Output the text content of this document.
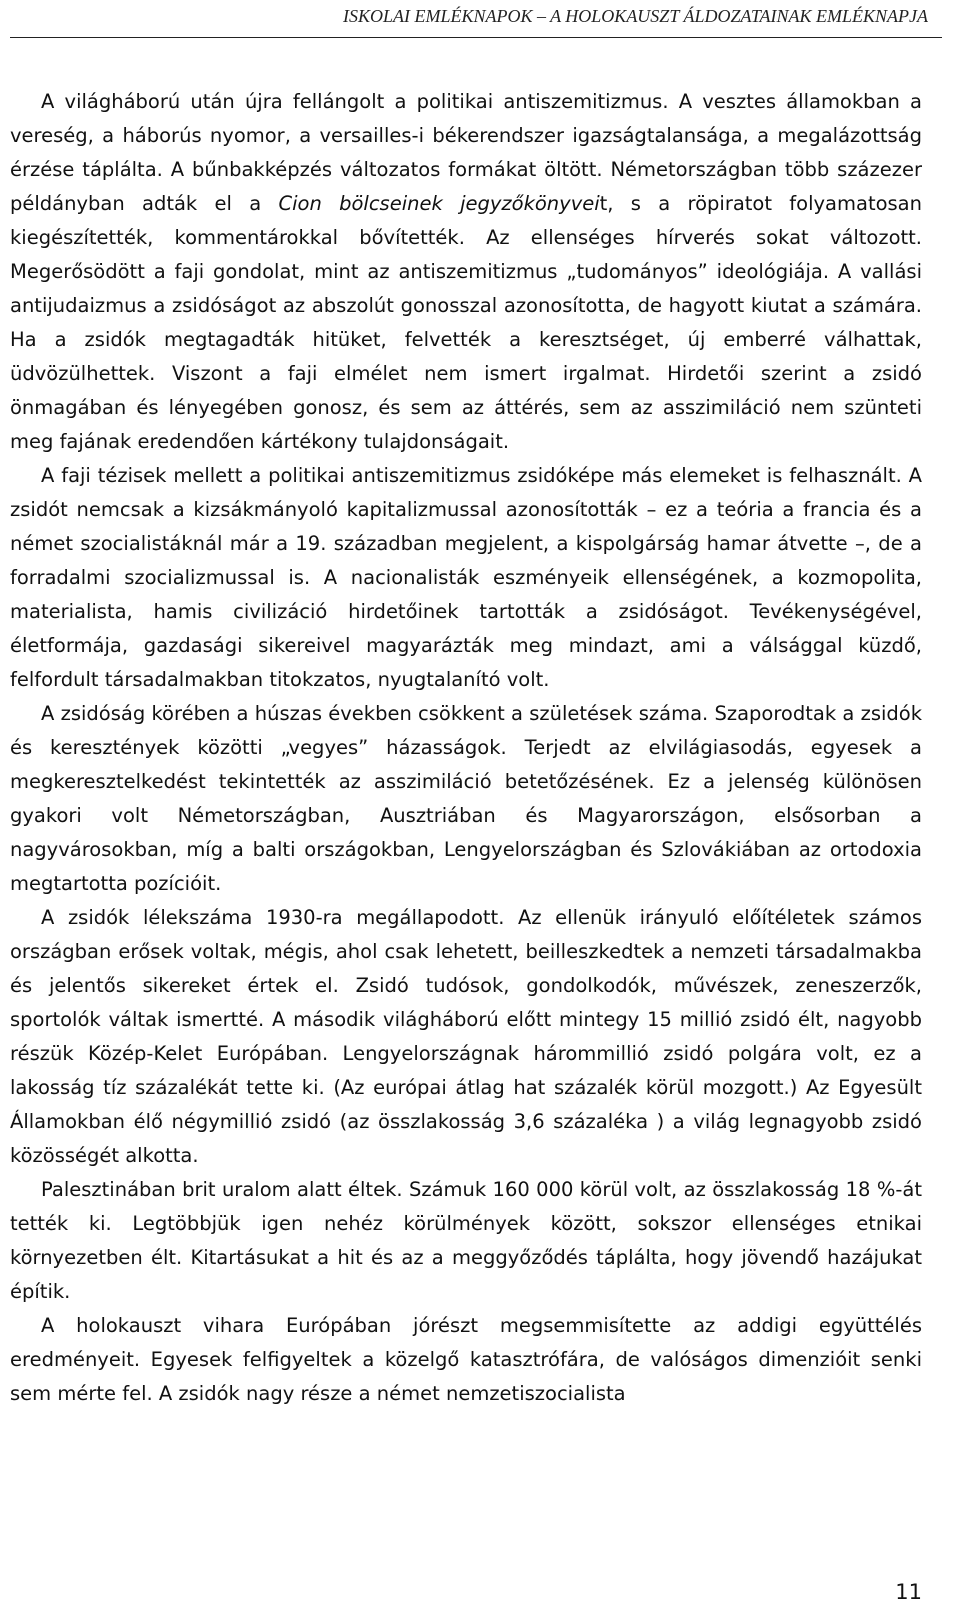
ISKOLAI EMLÉKNAPOK – A HOLOKAUSZT ÁLDOZATAINAK EMLÉKNAPJA

A világháború után újra fellángolt a politikai antiszemitizmus. A vesztes államokban a vereség, a háborús nyomor, a versailles-i békerendszer igazságtalansága, a megalázottság érzése táplálta. A bűnbakképzés változatos formákat öltött. Németországban több százezer példányban adták el a Cion bölcseinek jegyzőkönyveit, s a röpiratot folyamatosan kiegészítették, kommentárokkal bővítették. Az ellenséges hírverés sokat változott. Megerősödött a faji gondolat, mint az antiszemitizmus „tudományos” ideológiája. A vallási antijudaizmus a zsidóságot az abszolút gonosszal azonosította, de hagyott kiutat a számára. Ha a zsidók megtagadták hitüket, felvették a keresztséget, új emberré válhattak, üdvözülhettek. Viszont a faji elmélet nem ismert irgalmat. Hirdetői szerint a zsidó önmagában és lényegében gonosz, és sem az áttérés, sem az asszimiláció nem szünteti meg fajának eredendően kártékony tulajdonságait.

A faji tézisek mellett a politikai antiszemitizmus zsidóképe más elemeket is felhasznált. A zsidót nemcsak a kizsákmányoló kapitalizmussal azonosították – ez a teória a francia és a német szocialistáknál már a 19. században megjelent, a kispolgárság hamar átvette –, de a forradalmi szocializmussal is. A nacionalisták eszményeik ellenségének, a kozmopolita, materialista, hamis civilizáció hirdetőinek tartották a zsidóságot. Tevékenységével, életformája, gazdasági sikereivel magyarázták meg mindazt, ami a válsággal küzdő, felfordult társadalmakban titokzatos, nyugtalanító volt.

A zsidóság körében a húszas években csökkent a születések száma. Szaporodtak a zsidók és keresztények közötti „vegyes” házasságok. Terjedt az elvilágiasodás, egyesek a megkeresztelkedést tekintették az asszimiláció betetőzésének. Ez a jelenség különösen gyakori volt Németországban, Ausztriában és Magyarországon, elsősorban a nagyvárosokban, míg a balti országokban, Lengyelországban és Szlovákiában az ortodoxia megtartotta pozícióit.

A zsidók lélekszáma 1930-ra megállapodott. Az ellenük irányuló előítéletek számos országban erősek voltak, mégis, ahol csak lehetett, beilleszkedtek a nemzeti társadalmakba és jelentős sikereket értek el. Zsidó tudósok, gondolkodók, művészek, zeneszerzők, sportolók váltak ismertté. A második világháború előtt mintegy 15 millió zsidó élt, nagyobb részük Közép-Kelet Európában. Lengyelországnak hárommillió zsidó polgára volt, ez a lakosság tíz százalékát tette ki. (Az európai átlag hat százalék körül mozgott.) Az Egyesült Államokban élő négymillió zsidó (az összlakosság 3,6 százaléka ) a világ legnagyobb zsidó közösségét alkotta.

Palesztinában brit uralom alatt éltek. Számuk 160 000 körül volt, az összlakosság 18 %-át tették ki. Legtöbbjük igen nehéz körülmények között, sokszor ellenséges etnikai környezetben élt. Kitartásukat a hit és az a meggyőződés táplálta, hogy jövendő hazájukat építik.

A holokauszt vihara Európában jórészt megsemmisítette az addigi együttélés eredményeit. Egyesek felfigyeltek a közelgő katasztrófára, de valóságos dimenzióit senki sem mérte fel. A zsidók nagy része a német nemzetiszocialista

11
